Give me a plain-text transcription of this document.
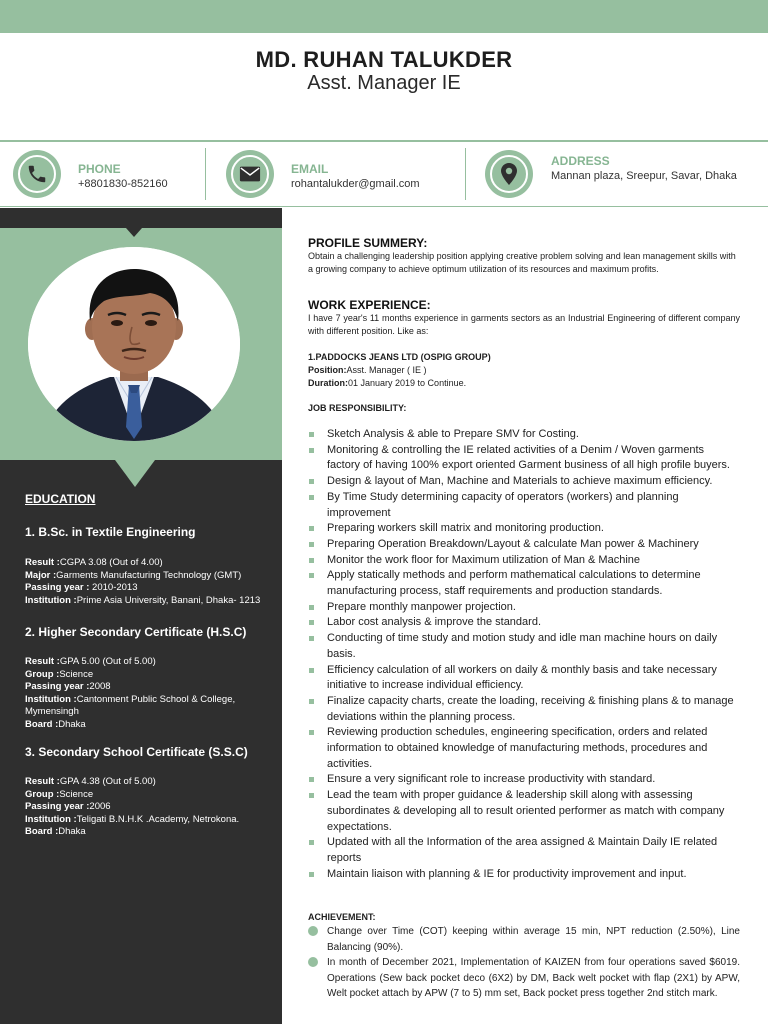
MD. RUHAN TALUKDER
Asst. Manager IE
PHONE
+8801830-852160
EMAIL
rohantalukder@gmail.com
ADDRESS
Mannan plaza, Sreepur, Savar, Dhaka
EDUCATION
1. B.Sc. in Textile Engineering
Result :CGPA 3.08 (Out of 4.00)
Major :Garments Manufacturing Technology (GMT)
Passing year : 2010-2013
Institution :Prime Asia University, Banani, Dhaka- 1213
2. Higher Secondary Certificate (H.S.C)
Result :GPA 5.00 (Out of 5.00)
Group :Science
Passing year :2008
Institution :Cantonment Public School & College, Mymensingh
Board :Dhaka
3. Secondary School Certificate (S.S.C)
Result :GPA 4.38 (Out of 5.00)
Group :Science
Passing year :2006
Institution :Teligati B.N.H.K .Academy, Netrokona.
Board :Dhaka
PROFILE SUMMERY:
Obtain a challenging leadership position applying creative problem solving and lean management skills with a growing company to achieve optimum utilization of its resources and maximum profits.
WORK EXPERIENCE:
I have 7 year's 11 months experience in garments sectors as an Industrial Engineering of different company with different position. Like as:
1.PADDOCKS JEANS LTD (OSPIG GROUP)
Position:Asst. Manager ( IE )
Duration:01 January 2019 to Continue.
JOB RESPONSIBILITY:
Sketch Analysis & able to Prepare SMV for Costing.
Monitoring & controlling the IE related activities of a Denim / Woven garments factory of having 100% export oriented Garment business of all high profile buyers.
Design & layout of Man, Machine and Materials to achieve maximum efficiency.
By Time Study determining capacity of operators (workers) and planning improvement
Preparing workers skill matrix and monitoring production.
Preparing Operation Breakdown/Layout & calculate Man power & Machinery
Monitor the work floor for Maximum utilization of Man & Machine
Apply statically methods and perform mathematical calculations to determine manufacturing process, staff requirements and production standards.
Prepare monthly manpower projection.
Labor cost analysis & improve the standard.
Conducting of time study and motion study and idle man machine hours on daily basis.
Efficiency calculation of all workers on daily & monthly basis and take necessary initiative to increase individual efficiency.
Finalize capacity charts, create the loading, receiving & finishing plans & to manage deviations within the planning process.
Reviewing production schedules, engineering specification, orders and related information to obtained knowledge of manufacturing methods, procedures and activities.
Ensure a very significant role to increase productivity with standard.
Lead the team with proper guidance & leadership skill along with assessing subordinates & developing all to result oriented performer as match with company expectations.
Updated with all the Information of the area assigned & Maintain Daily IE related reports
Maintain liaison with planning & IE for productivity improvement and input.
ACHIEVEMENT:
Change over Time (COT) keeping within average 15 min, NPT reduction (2.50%), Line Balancing (90%).
In month of December 2021, Implementation of KAIZEN from four operations saved $6019. Operations (Sew back pocket deco (6X2) by DM, Back welt pocket with flap (2X1) by APW, Welt pocket attach by APW (7 to 5) mm set, Back pocket press together 2nd stitch mark.
